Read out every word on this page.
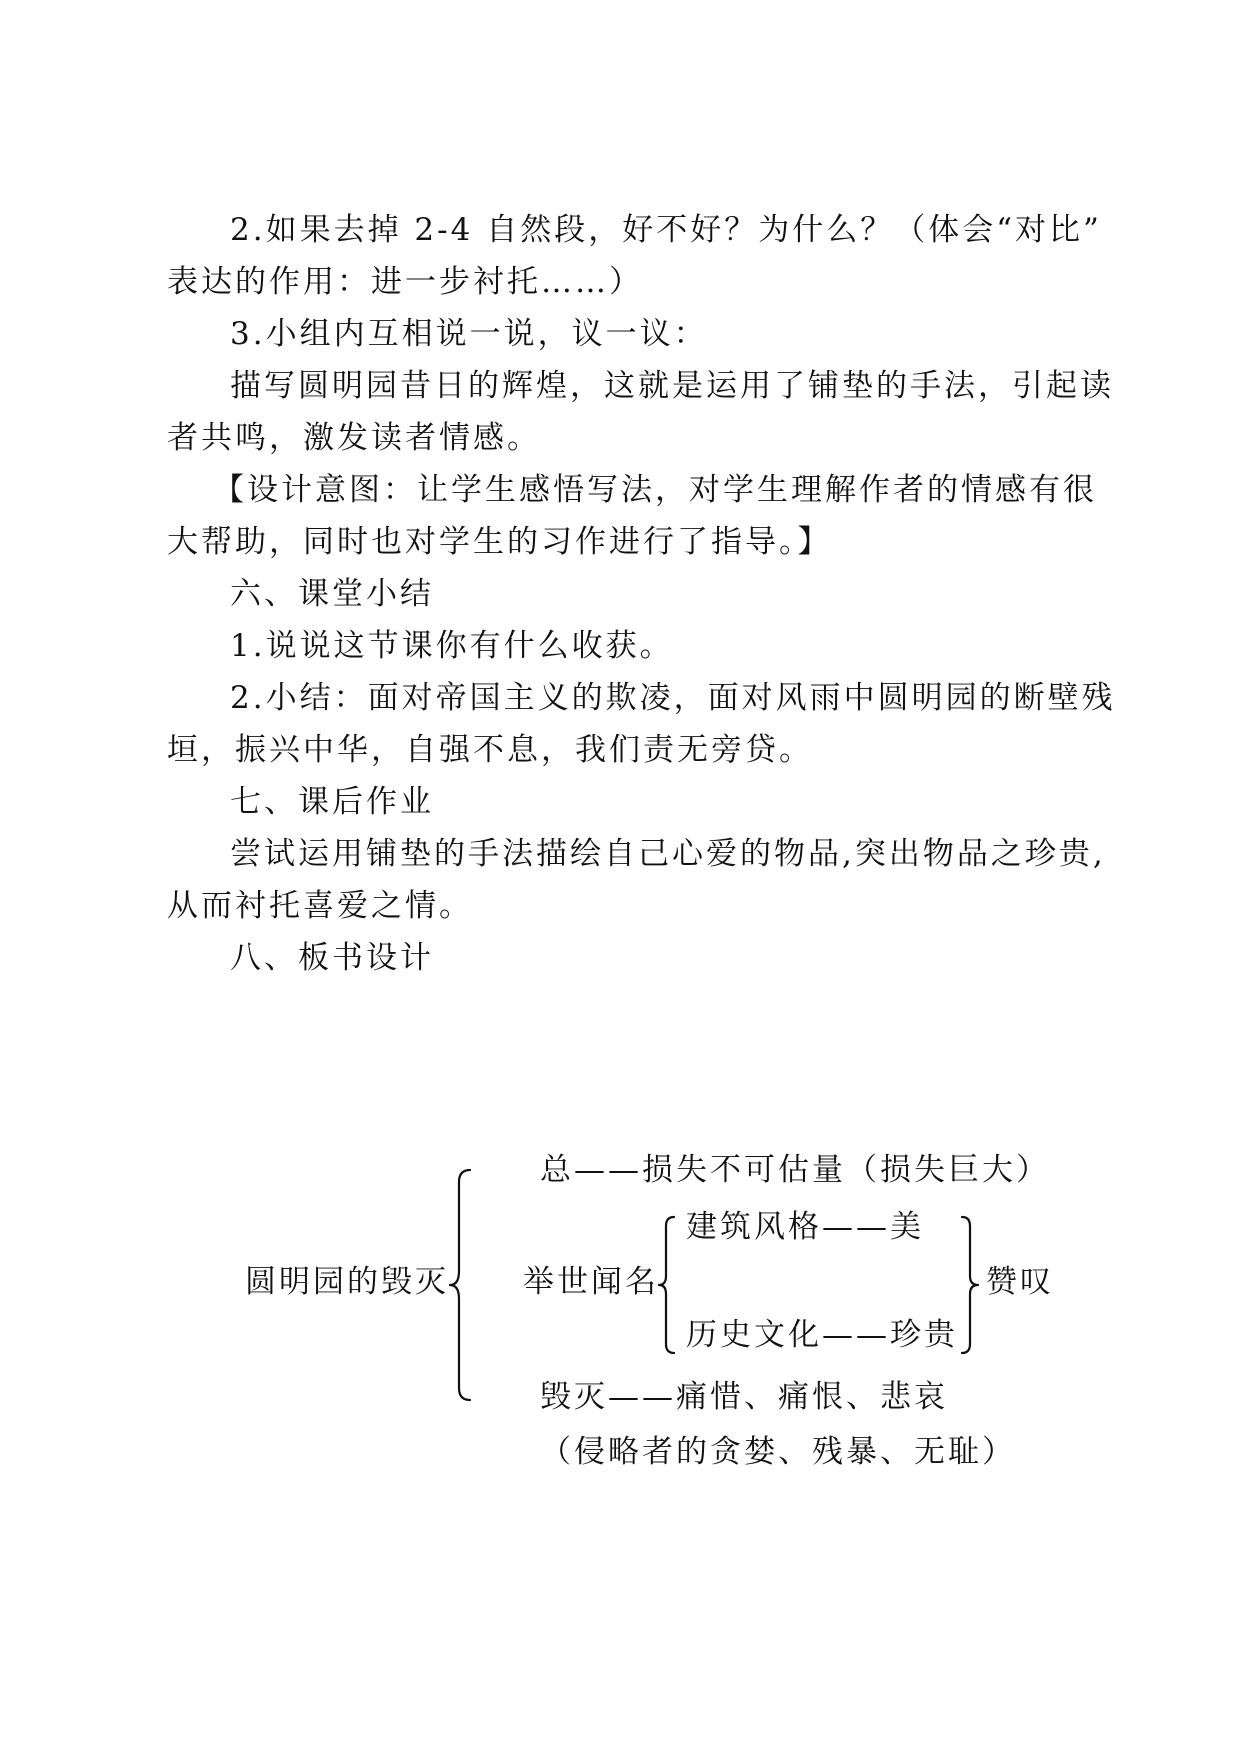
2.如果去掉 2-4 自然段，好不好？为什么？（体会“对比”
表达的作用：进一步衬托……）
3.小组内互相说一说，议一议：
描写圆明园昔日的辉煌，这就是运用了铺垫的手法，引起读
者共鸣，激发读者情感。
【设计意图：让学生感悟写法，对学生理解作者的情感有很
大帮助，同时也对学生的习作进行了指导。】
六、课堂小结
1.说说这节课你有什么收获。
2.小结：面对帝国主义的欺凌，面对风雨中圆明园的断壁残
垣，振兴中华，自强不息，我们责无旁贷。
七、课后作业
尝试运用铺垫的手法描绘自己心爱的物品,突出物品之珍贵,
从而衬托喜爱之情。
八、板书设计
总——损失不可估量（损失巨大）
圆明园的毁灭 举世闻名
建筑风格——美
历史文化——珍贵
赞叹
毁灭——痛惜、痛恨、悲哀
（侵略者的贪婪、残暴、无耻）
